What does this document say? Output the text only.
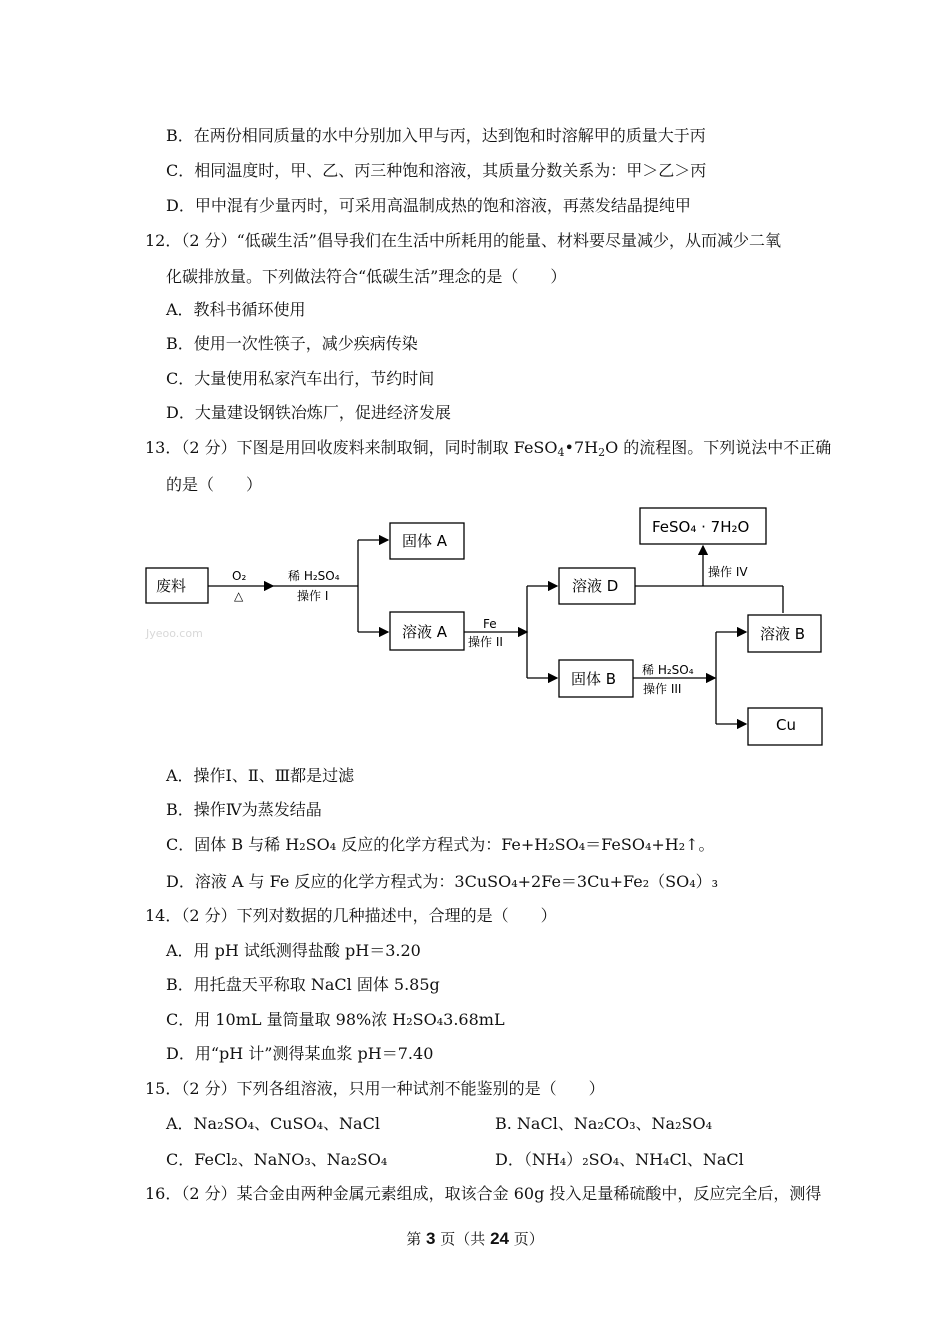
B．在两份相同质量的水中分别加入甲与丙，达到饱和时溶解甲的质量大于丙
C．相同温度时，甲、乙、丙三种饱和溶液，其质量分数关系为：甲＞乙＞丙
D．甲中混有少量丙时，可采用高温制成热的饱和溶液，再蒸发结晶提纯甲
12．（2 分）“低碳生活”倡导我们在生活中所耗用的能量、材料要尽量减少，从而减少二氧
化碳排放量。下列做法符合“低碳生活”理念的是（　　）
A．教科书循环使用
B．使用一次性筷子，减少疾病传染
C．大量使用私家汽车出行，节约时间
D．大量建设钢铁冶炼厂，促进经济发展
13．（2 分）下图是用回收废料来制取铜，同时制取 $FeSO_4•7H_2O$ 的流程图。下列说法中不正确
的是（　　）
废料
固体 A
溶液 A
溶液 D
固体 B
FeSO₄ · 7H₂O
溶液 B
Cu
O₂
△
稀 H₂SO₄
操作 I
Fe
操作 II
操作 IV
稀 H₂SO₄
操作 III
Jyeoo.com
A．操作Ⅰ、Ⅱ、Ⅲ都是过滤
B．操作Ⅳ为蒸发结晶
C．固体 B 与稀 H₂SO₄ 反应的化学方程式为：Fe+H₂SO₄＝FeSO₄+H₂↑。
D．溶液 A 与 Fe 反应的化学方程式为：3CuSO₄+2Fe＝3Cu+Fe₂（SO₄）₃
14．（2 分）下列对数据的几种描述中，合理的是（　　）
A．用 pH 试纸测得盐酸 pH＝3.20
B．用托盘天平称取 NaCl 固体 5.85g
C．用 10mL 量筒量取 98%浓 H₂SO₄3.68mL
D．用“pH 计”测得某血浆 pH＝7.40
15．（2 分）下列各组溶液，只用一种试剂不能鉴别的是（　　）
A．Na₂SO₄、CuSO₄、NaCl	B. NaCl、Na₂CO₃、Na₂SO₄
C．FeCl₂、NaNO₃、Na₂SO₄	D．（NH₄）₂SO₄、NH₄Cl、NaCl
16．（2 分）某合金由两种金属元素组成，取该合金 60g 投入足量稀硫酸中，反应完全后，测得
第 3 页（共 24 页）
